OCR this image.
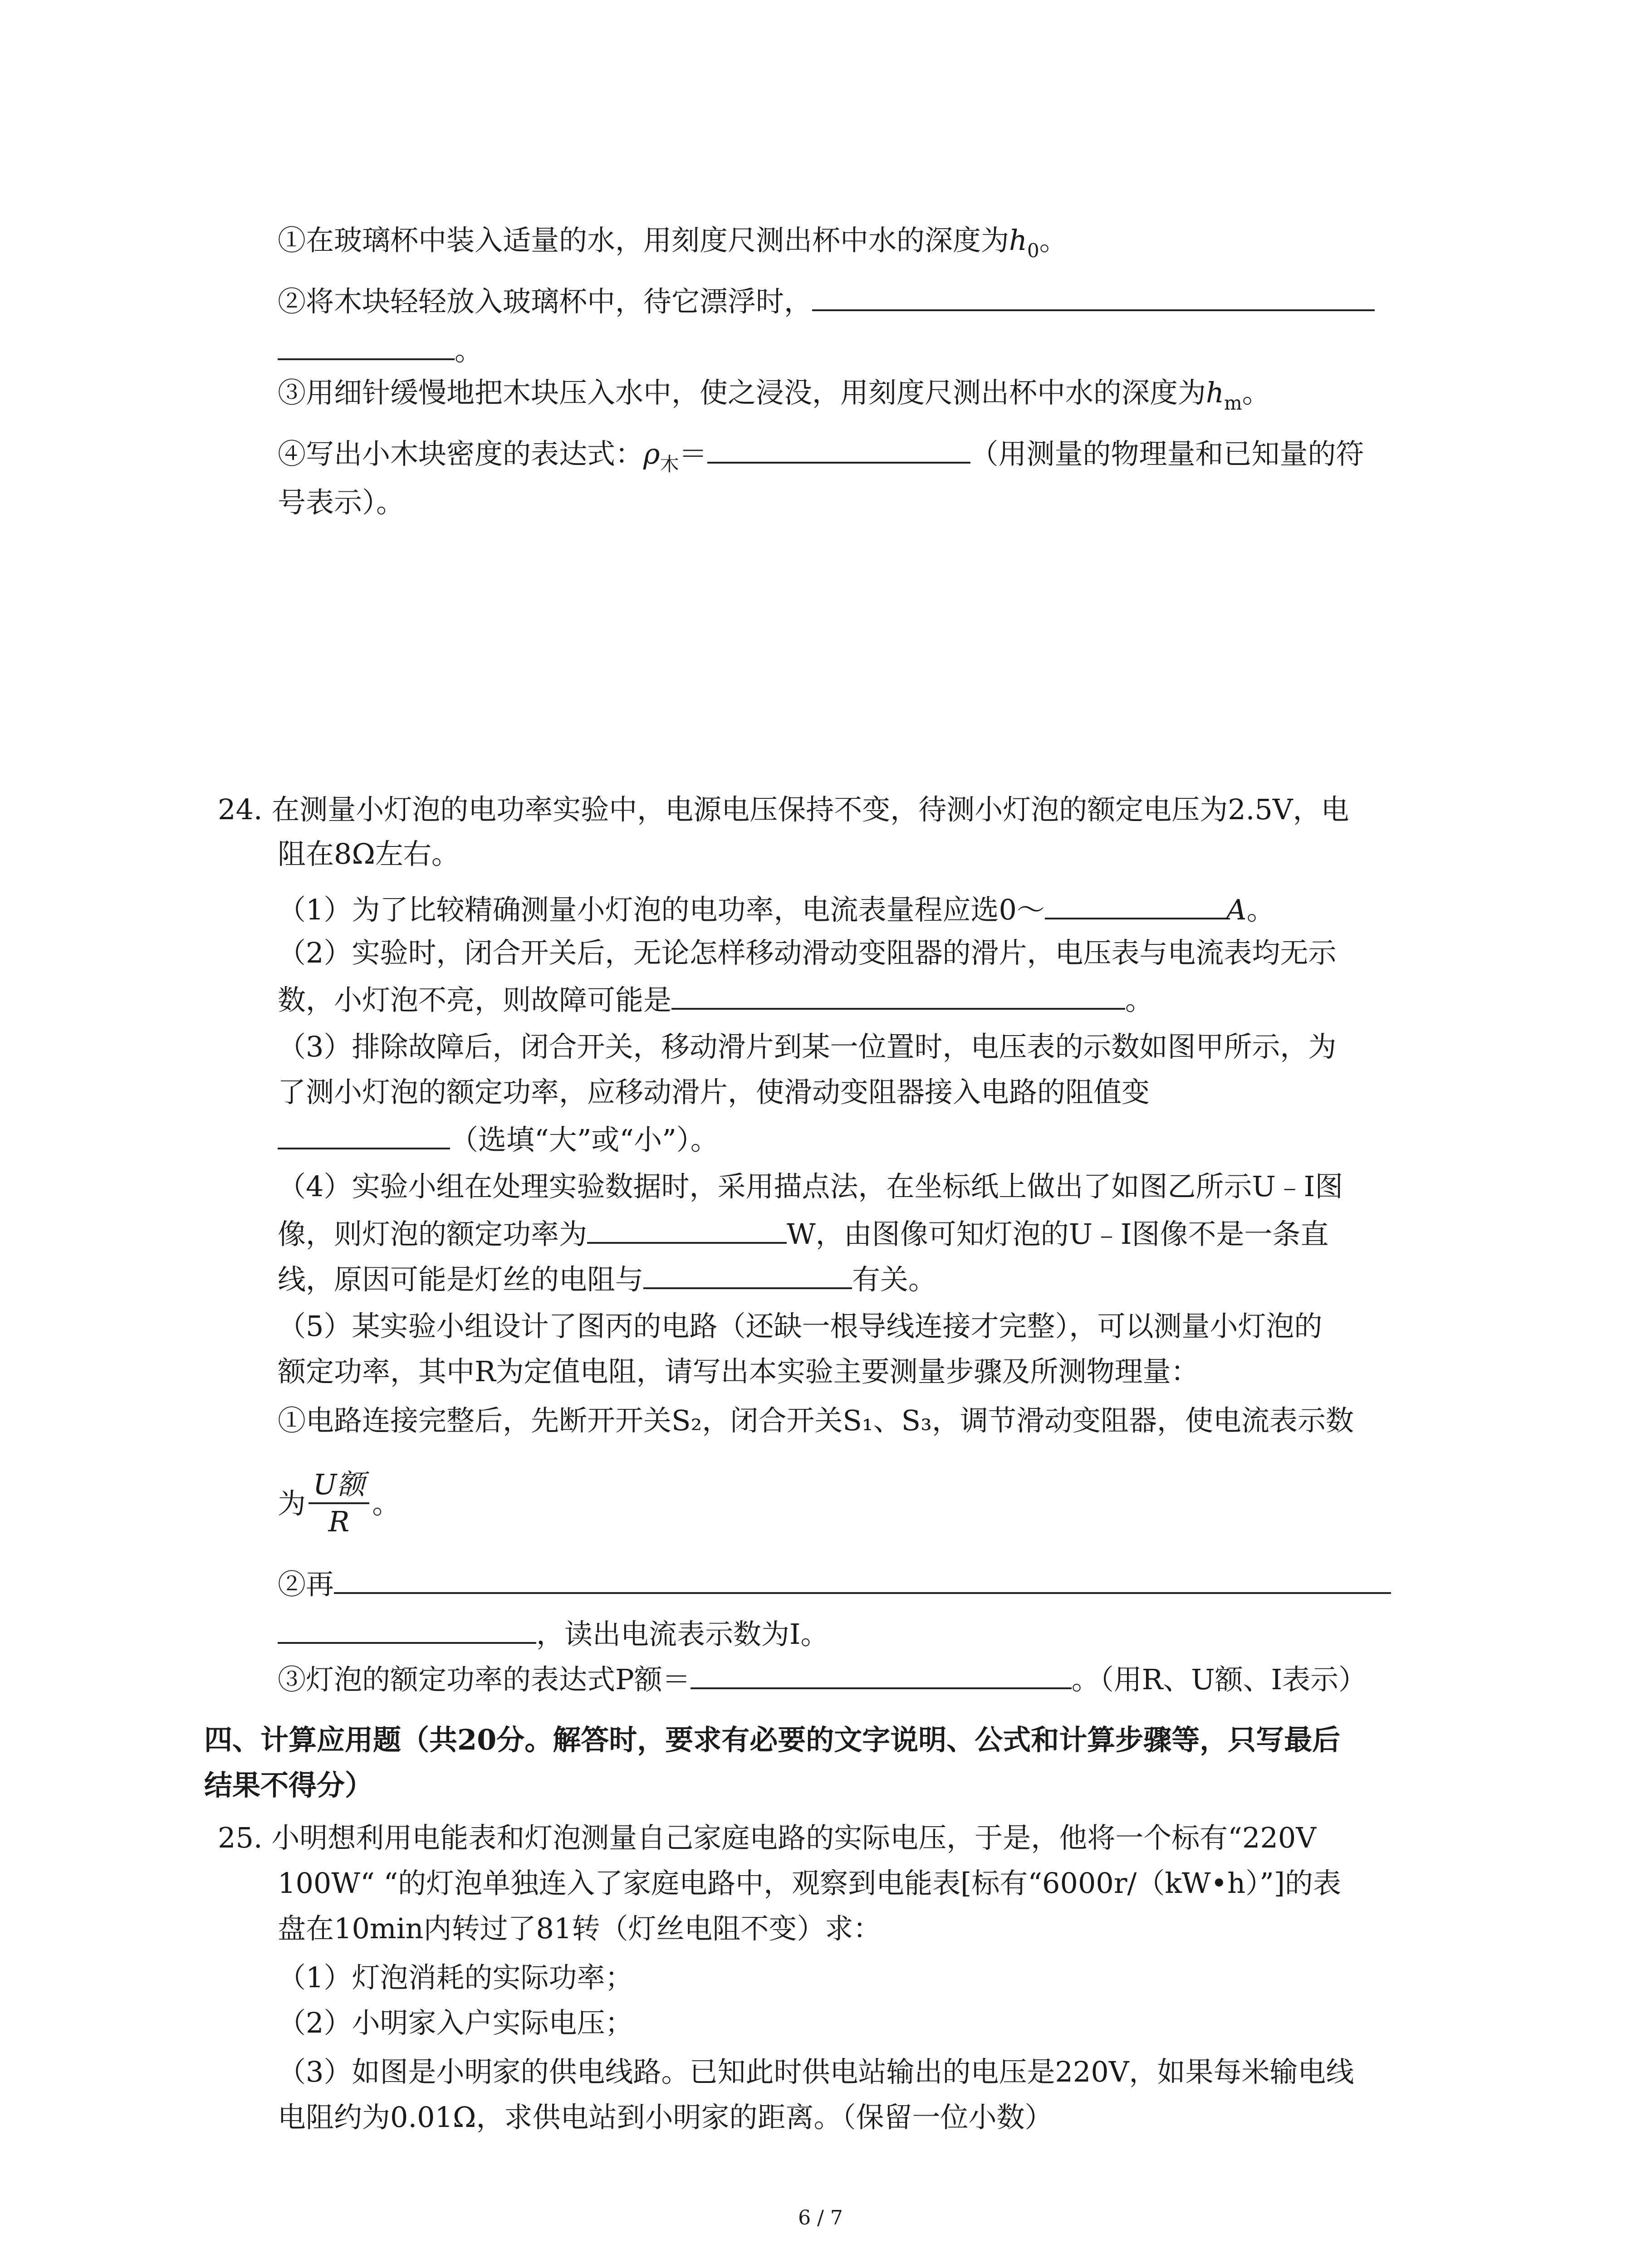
①在玻璃杯中装入适量的水，用刻度尺测出杯中水的深度为$h_0$。
②将木块轻轻放入玻璃杯中，待它漂浮时，
。
③用细针缓慢地把木块压入水中，使之浸没，用刻度尺测出杯中水的深度为$h_m$。
④写出小木块密度的表达式：$\rho_木=$	（用测量的物理量和已知量的符
号表示）。
24. 在测量小灯泡的电功率实验中，电源电压保持不变，待测小灯泡的额定电压为2.5V，电
阻在8Ω左右。
（1）为了比较精确测量小灯泡的电功率，电流表量程应选0～	A。
（2）实验时，闭合开关后，无论怎样移动滑动变阻器的滑片，电压表与电流表均无示
数，小灯泡不亮，则故障可能是	。
（3）排除故障后，闭合开关，移动滑片到某一位置时，电压表的示数如图甲所示，为
了测小灯泡的额定功率，应移动滑片，使滑动变阻器接入电路的阻值变
（选填“大”或“小”）。
（4）实验小组在处理实验数据时，采用描点法，在坐标纸上做出了如图乙所示U﹣I图
像，则灯泡的额定功率为	W，由图像可知灯泡的U﹣I图像不是一条直
线，原因可能是灯丝的电阻与	有关。
（5）某实验小组设计了图丙的电路（还缺一根导线连接才完整），可以测量小灯泡的
额定功率，其中R为定值电阻，请写出本实验主要测量步骤及所测物理量：
①电路连接完整后，先断开开关S₂，闭合开关S₁、S₃，调节滑动变阻器，使电流表示数
为 $\frac{\text{U额}}{R}$ 。
②再
，读出电流表示数为I。
③灯泡的额定功率的表达式P额＝	。（用R、U额、I表示）
四、计算应用题（共20分。解答时，要求有必要的文字说明、公式和计算步骤等，只写最后
结果不得分）
25. 小明想利用电能表和灯泡测量自己家庭电路的实际电压，于是，他将一个标有“220V
100W“ “的灯泡单独连入了家庭电路中，观察到电能表[标有“6000r/（kW•h）”]的表
盘在10min内转过了81转（灯丝电阻不变）求：
（1）灯泡消耗的实际功率；
（2）小明家入户实际电压；
（3）如图是小明家的供电线路。已知此时供电站输出的电压是220V，如果每米输电线
电阻约为0.01Ω，求供电站到小明家的距离。（保留一位小数）
6 / 7
